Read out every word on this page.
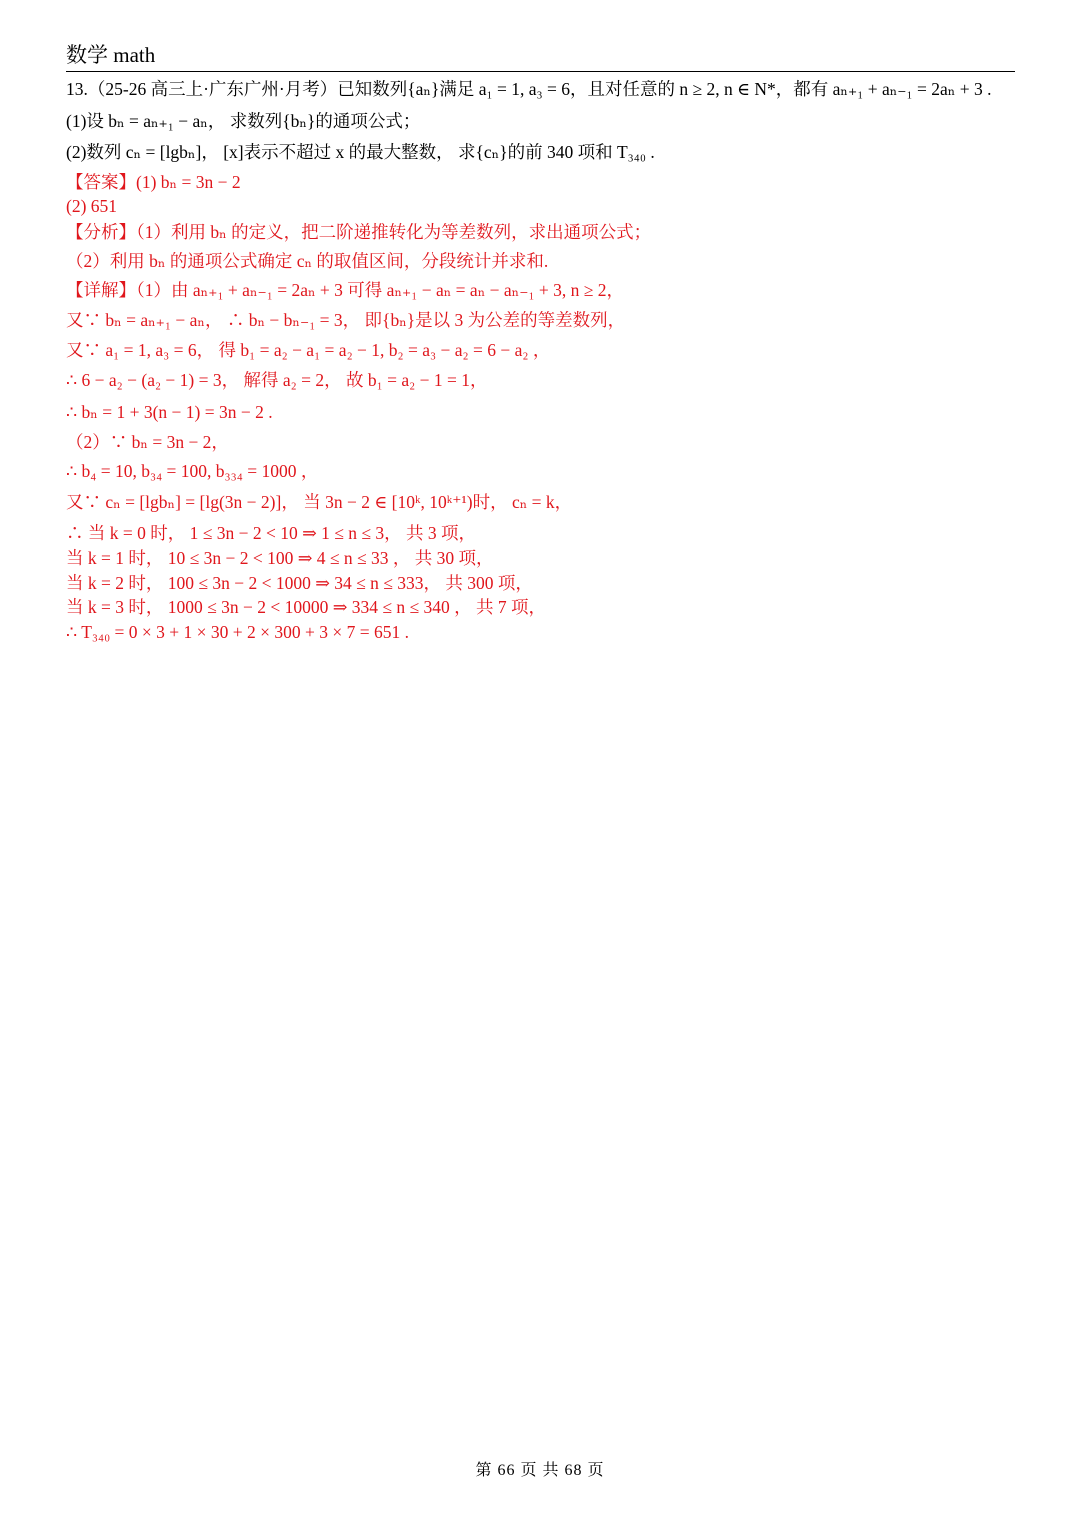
数学 math
13.（25-26 高三上·广东广州·月考）已知数列{aₙ}满足 a₁ = 1, a₃ = 6，且对任意的 n ≥ 2, n ∈ N*，都有 aₙ₊₁ + aₙ₋₁ = 2aₙ + 3 .
(1)设 bₙ = aₙ₊₁ − aₙ， 求数列{bₙ}的通项公式；
(2)数列 cₙ = [lgbₙ]， [x]表示不超过 x 的最大整数， 求{cₙ}的前 340 项和 T₃₄₀ .
【答案】(1) bₙ = 3n − 2
(2) 651
【分析】（1）利用 bₙ 的定义，把二阶递推转化为等差数列，求出通项公式；
（2）利用 bₙ 的通项公式确定 cₙ 的取值区间，分段统计并求和.
【详解】（1）由 aₙ₊₁ + aₙ₋₁ = 2aₙ + 3 可得 aₙ₊₁ − aₙ = aₙ − aₙ₋₁ + 3, n ≥ 2，
又∵ bₙ = aₙ₊₁ − aₙ， ∴ bₙ − bₙ₋₁ = 3， 即{bₙ}是以 3 为公差的等差数列，
又∵ a₁ = 1, a₃ = 6， 得 b₁ = a₂ − a₁ = a₂ − 1, b₂ = a₃ − a₂ = 6 − a₂ ，
∴ 6 − a₂ − (a₂ − 1) = 3， 解得 a₂ = 2， 故 b₁ = a₂ − 1 = 1，
∴ bₙ = 1 + 3(n − 1) = 3n − 2 .
（2）∵ bₙ = 3n − 2，
∴ b₄ = 10, b₃₄ = 100, b₃₃₄ = 1000 ，
又∵ cₙ = [lgbₙ] = [lg(3n − 2)]， 当 3n − 2 ∈ [10ᵏ, 10ᵏ⁺¹)时， cₙ = k，
∴ 当 k = 0 时， 1 ≤ 3n − 2 < 10 ⇒ 1 ≤ n ≤ 3， 共 3 项，
当 k = 1 时， 10 ≤ 3n − 2 < 100 ⇒ 4 ≤ n ≤ 33 ， 共 30 项，
当 k = 2 时， 100 ≤ 3n − 2 < 1000 ⇒ 34 ≤ n ≤ 333， 共 300 项，
当 k = 3 时， 1000 ≤ 3n − 2 < 10000 ⇒ 334 ≤ n ≤ 340 ， 共 7 项，
∴ T₃₄₀ = 0 × 3 + 1 × 30 + 2 × 300 + 3 × 7 = 651 .
第 66 页 共 68 页
